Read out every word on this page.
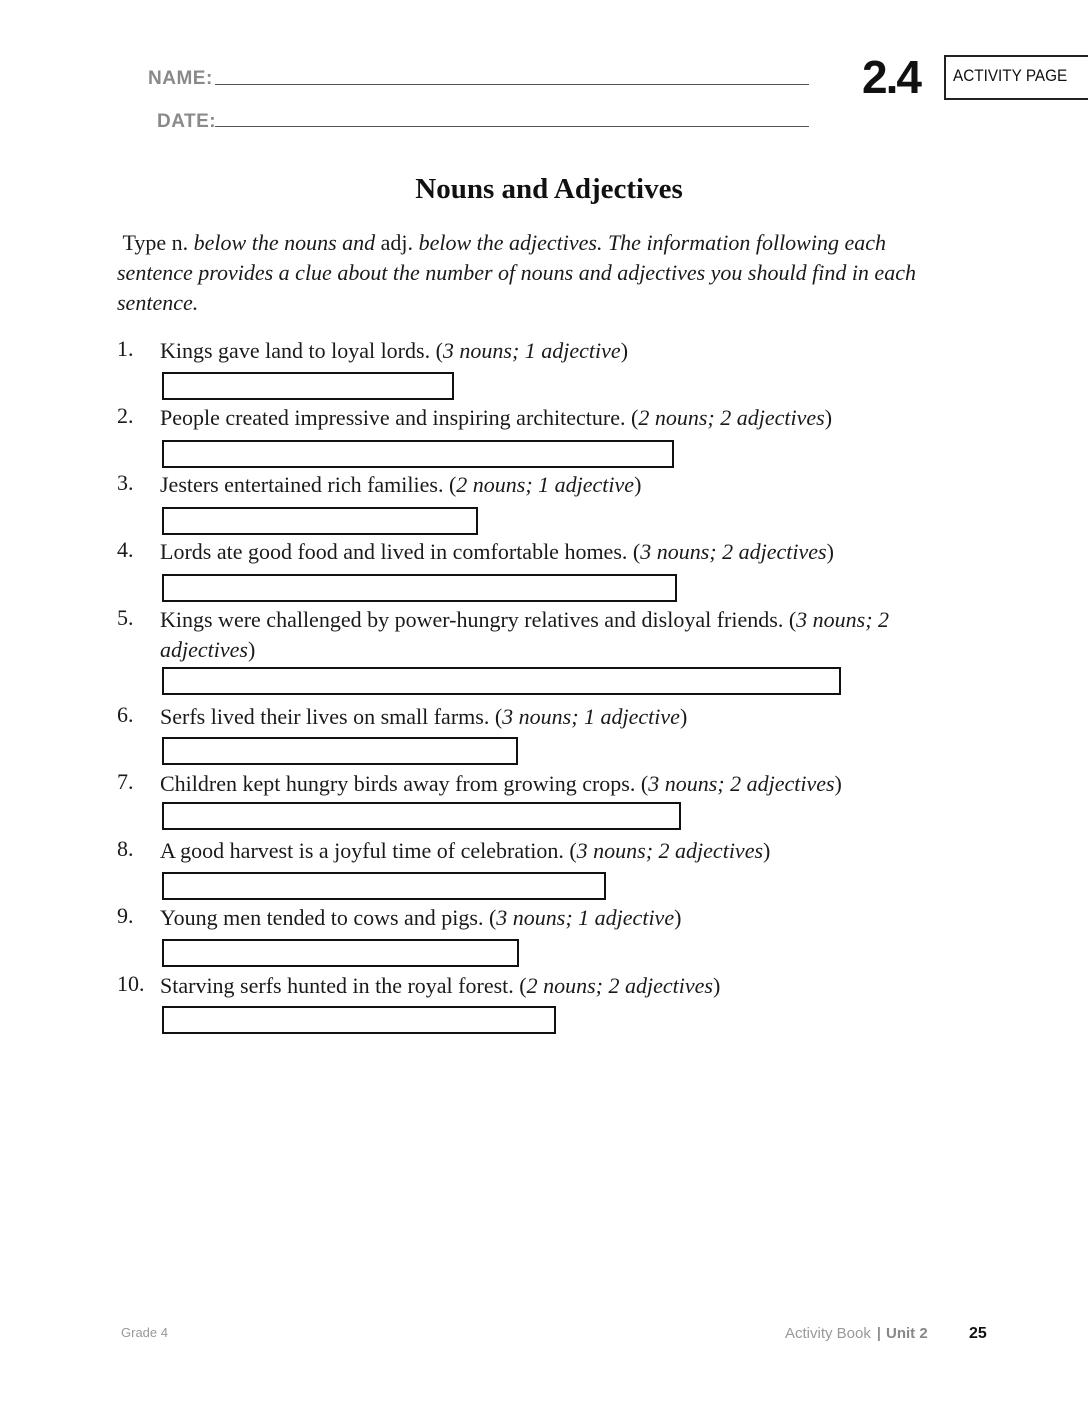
NAME:
DATE:
2.4 ACTIVITY PAGE
Nouns and Adjectives
Type n. below the nouns and adj. below the adjectives. The information following each sentence provides a clue about the number of nouns and adjectives you should find in each sentence.
1. Kings gave land to loyal lords. (3 nouns; 1 adjective)
2. People created impressive and inspiring architecture. (2 nouns; 2 adjectives)
3. Jesters entertained rich families. (2 nouns; 1 adjective)
4. Lords ate good food and lived in comfortable homes. (3 nouns; 2 adjectives)
5. Kings were challenged by power-hungry relatives and disloyal friends. (3 nouns; 2 adjectives)
6. Serfs lived their lives on small farms. (3 nouns; 1 adjective)
7. Children kept hungry birds away from growing crops. (3 nouns; 2 adjectives)
8. A good harvest is a joyful time of celebration. (3 nouns; 2 adjectives)
9. Young men tended to cows and pigs. (3 nouns; 1 adjective)
10. Starving serfs hunted in the royal forest. (2 nouns; 2 adjectives)
Grade 4	Activity Book | Unit 2	25
